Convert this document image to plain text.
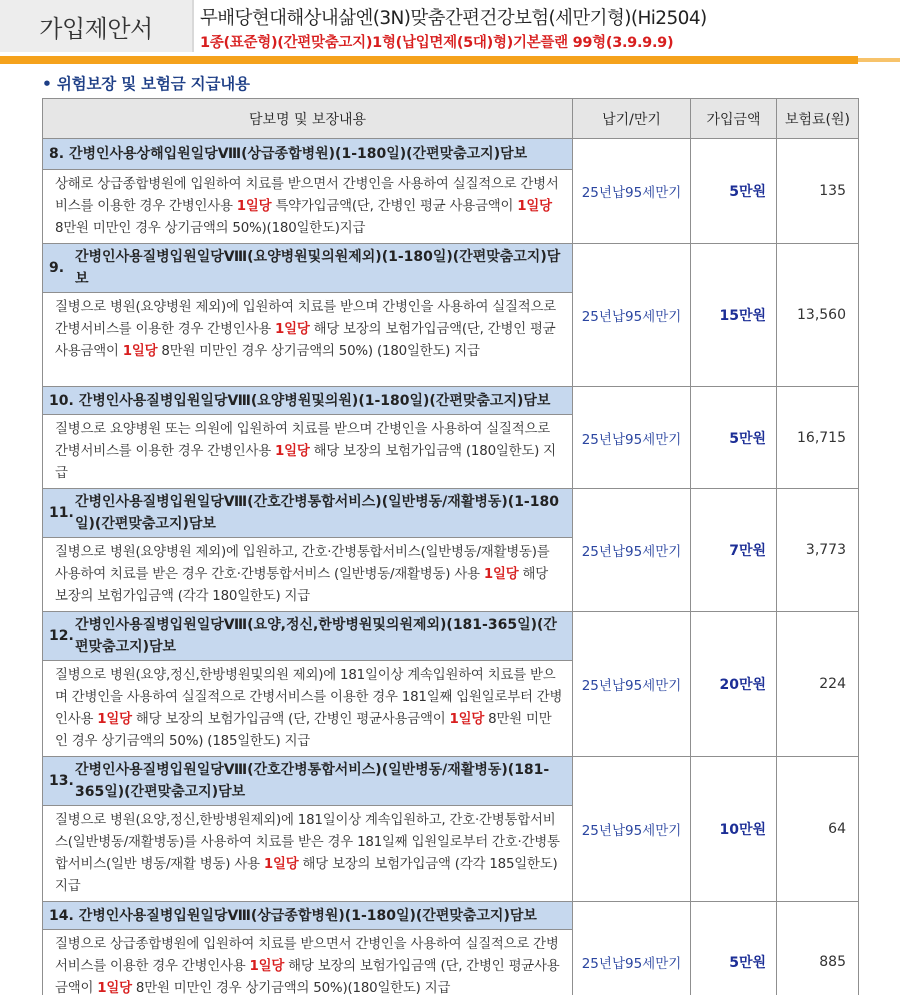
가입제안서	무배당현대해상내삶엔(3N)맞춤간편건강보험(세만기형)(Hi2504)
1종(표준형)(간편맞춤고지)1형(납입면제(5대)형)기본플랜 99형(3.9.9.9)
• 위험보장 및 보험금 지급내용
담보명 및 보장내용	납기/만기	가입금액	보험료(원)
8. 간병인사용상해입원일당Ⅷ(상급종합병원)(1-180일)(간편맞춤고지)담보	25년납95세만기	5만원	135
상해로 상급종합병원에 입원하여 치료를 받으면서 간병인을 사용하여 실질적으로 간병서비스를 이용한 경우 간병인사용 1일당 특약가입금액(단, 간병인 평균 사용금액이 1일당 8만원 미만인 경우 상기금액의 50%)(180일한도)지급			

9.
간병인사용질병입원일당Ⅷ(요양병원및의원제외)(1-180일)(간편맞춤고지)담보	25년납95세만기	15만원	13,560
질병으로 병원(요양병원 제외)에 입원하여 치료를 받으며 간병인을 사용하여 실질적으로 간병서비스를 이용한 경우 간병인사용 1일당 해당 보장의 보험가입금액(단, 간병인 평균사용금액이 1일당 8만원 미만인 경우 상기금액의 50%) (180일한도) 지급			
10. 간병인사용질병입원일당Ⅷ(요양병원및의원)(1-180일)(간편맞춤고지)담보	25년납95세만기	5만원	16,715
질병으로 요양병원 또는 의원에 입원하여 치료를 받으며 간병인을 사용하여 실질적으로 간병서비스를 이용한 경우 간병인사용 1일당 해당 보장의 보험가입금액 (180일한도) 지급			

11.
간병인사용질병입원일당Ⅷ(간호간병통합서비스)(일반병동/재활병동)(1-180일)(간편맞춤고지)담보	25년납95세만기	7만원	3,773
질병으로 병원(요양병원 제외)에 입원하고, 간호·간병통합서비스(일반병동/재활병동)를 사용하여 치료를 받은 경우 간호·간병통합서비스 (일반병동/재활병동) 사용 1일당 해당 보장의 보험가입금액 (각각 180일한도) 지급			

12.
간병인사용질병입원일당Ⅷ(요양,정신,한방병원및의원제외)(181-365일)(간편맞춤고지)담보	25년납95세만기	20만원	224
질병으로 병원(요양,정신,한방병원및의원 제외)에 181일이상 계속입원하여 치료를 받으며 간병인을 사용하여 실질적으로 간병서비스를 이용한 경우 181일째 입원일로부터 간병인사용 1일당 해당 보장의 보험가입금액 (단, 간병인 평균사용금액이 1일당 8만원 미만인 경우 상기금액의 50%) (185일한도) 지급			

13.
간병인사용질병입원일당Ⅷ(간호간병통합서비스)(일반병동/재활병동)(181-365일)(간편맞춤고지)담보	25년납95세만기	10만원	64
질병으로 병원(요양,정신,한방병원제외)에 181일이상 계속입원하고, 간호·간병통합서비스(일반병동/재활병동)를 사용하여 치료를 받은 경우 181일째 입원일로부터 간호·간병통합서비스(일반 병동/재활 병동) 사용 1일당 해당 보장의 보험가입금액 (각각 185일한도) 지급			
14. 간병인사용질병입원일당Ⅷ(상급종합병원)(1-180일)(간편맞춤고지)담보	25년납95세만기	5만원	885
질병으로 상급종합병원에 입원하여 치료를 받으면서 간병인을 사용하여 실질적으로 간병서비스를 이용한 경우 간병인사용 1일당 해당 보장의 보험가입금액 (단, 간병인 평균사용금액이 1일당 8만원 미만인 경우 상기금액의 50%)(180일한도) 지급			
